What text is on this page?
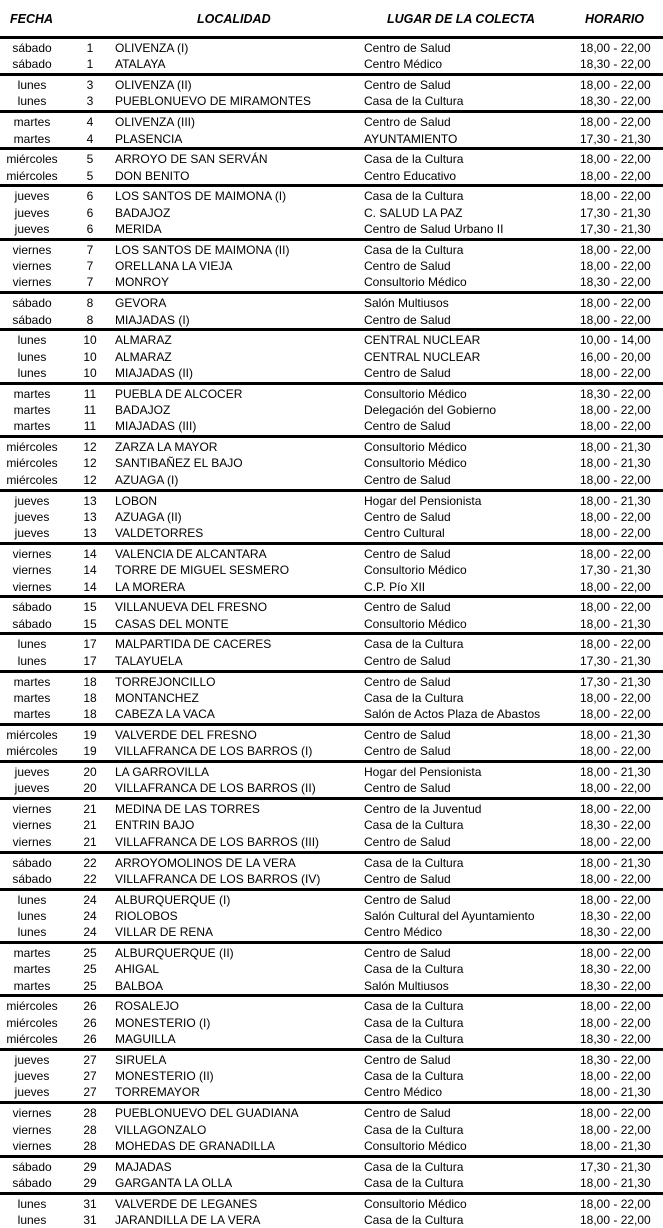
FECHA	LOCALIDAD	LUGAR DE LA COLECTA	HORARIO
sábado	1	OLIVENZA (I)	Centro de Salud	18,00 - 22,00
sábado	1	ATALAYA	Centro Médico	18,30 - 22,00
lunes	3	OLIVENZA (II)	Centro de Salud	18,00 - 22,00
lunes	3	PUEBLONUEVO DE MIRAMONTES	Casa de la Cultura	18,30 - 22,00
martes	4	OLIVENZA (III)	Centro de Salud	18,00 - 22,00
martes	4	PLASENCIA	AYUNTAMIENTO	17,30 - 21,30
miércoles	5	ARROYO DE SAN SERVÁN	Casa de la Cultura	18,00 - 22,00
miércoles	5	DON BENITO	Centro Educativo	18,00 - 22,00
jueves	6	LOS SANTOS DE MAIMONA (I)	Casa de la Cultura	18,00 - 22,00
jueves	6	BADAJOZ	C. SALUD LA PAZ	17,30 - 21,30
jueves	6	MERIDA	Centro de Salud Urbano II	17,30 - 21,30
viernes	7	LOS SANTOS DE MAIMONA (II)	Casa de la Cultura	18,00 - 22,00
viernes	7	ORELLANA LA VIEJA	Centro de Salud	18,00 - 22,00
viernes	7	MONROY	Consultorio Médico	18,30 - 22,00
sábado	8	GEVORA	Salón Multiusos	18,00 - 22,00
sábado	8	MIAJADAS (I)	Centro de Salud	18,00 - 22,00
lunes	10	ALMARAZ	CENTRAL NUCLEAR	10,00 - 14,00
lunes	10	ALMARAZ	CENTRAL NUCLEAR	16,00 - 20,00
lunes	10	MIAJADAS (II)	Centro de Salud	18,00 - 22,00
martes	11	PUEBLA DE ALCOCER	Consultorio Médico	18,30 - 22,00
martes	11	BADAJOZ	Delegación del Gobierno	18,00 - 22,00
martes	11	MIAJADAS (III)	Centro de Salud	18,00 - 22,00
miércoles	12	ZARZA LA MAYOR	Consultorio Médico	18,00 - 21,30
miércoles	12	SANTIBAÑEZ EL BAJO	Consultorio Médico	18,00 - 21,30
miércoles	12	AZUAGA (I)	Centro de Salud	18,00 - 22,00
jueves	13	LOBON	Hogar del Pensionista	18,00 - 21,30
jueves	13	AZUAGA (II)	Centro de Salud	18,00 - 22,00
jueves	13	VALDETORRES	Centro Cultural	18,00 - 22,00
viernes	14	VALENCIA DE ALCANTARA	Centro de Salud	18,00 - 22,00
viernes	14	TORRE DE MIGUEL SESMERO	Consultorio Médico	17,30 - 21,30
viernes	14	LA MORERA	C.P. Pío XII	18,00 - 22,00
sábado	15	VILLANUEVA DEL FRESNO	Centro de Salud	18,00 - 22,00
sábado	15	CASAS DEL MONTE	Consultorio Médico	18,00 - 21,30
lunes	17	MALPARTIDA DE CACERES	Casa de la Cultura	18,00 - 22,00
lunes	17	TALAYUELA	Centro de Salud	17,30 - 21,30
martes	18	TORREJONCILLO	Centro de Salud	17,30 - 21,30
martes	18	MONTANCHEZ	Casa de la Cultura	18,00 - 22,00
martes	18	CABEZA LA VACA	Salón de Actos Plaza de Abastos	18,00 - 22,00
miércoles	19	VALVERDE DEL FRESNO	Centro de Salud	18,00 - 21,30
miércoles	19	VILLAFRANCA DE LOS BARROS (I)	Centro de Salud	18,00 - 22,00
jueves	20	LA GARROVILLA	Hogar del Pensionista	18,00 - 21,30
jueves	20	VILLAFRANCA DE LOS BARROS (II)	Centro de Salud	18,00 - 22,00
viernes	21	MEDINA DE LAS TORRES	Centro de la Juventud	18,00 - 22,00
viernes	21	ENTRIN BAJO	Casa de la Cultura	18,30 - 22,00
viernes	21	VILLAFRANCA DE LOS BARROS (III)	Centro de Salud	18,00 - 22,00
sábado	22	ARROYOMOLINOS DE LA VERA	Casa de la Cultura	18,00 - 21,30
sábado	22	VILLAFRANCA DE LOS BARROS (IV)	Centro de Salud	18,00 - 22,00
lunes	24	ALBURQUERQUE (I)	Centro de Salud	18,00 - 22,00
lunes	24	RIOLOBOS	Salón Cultural del Ayuntamiento	18,30 - 22,00
lunes	24	VILLAR DE RENA	Centro Médico	18,30 - 22,00
martes	25	ALBURQUERQUE (II)	Centro de Salud	18,00 - 22,00
martes	25	AHIGAL	Casa de la Cultura	18,30 - 22,00
martes	25	BALBOA	Salón Multiusos	18,30 - 22,00
miércoles	26	ROSALEJO	Casa de la Cultura	18,00 - 22,00
miércoles	26	MONESTERIO (I)	Casa de la Cultura	18,00 - 22,00
miércoles	26	MAGUILLA	Casa de la Cultura	18,30 - 22,00
jueves	27	SIRUELA	Centro de Salud	18,30 - 22,00
jueves	27	MONESTERIO (II)	Casa de la Cultura	18,00 - 22,00
jueves	27	TORREMAYOR	Centro Médico	18,00 - 21,30
viernes	28	PUEBLONUEVO DEL GUADIANA	Centro de Salud	18,00 - 22,00
viernes	28	VILLAGONZALO	Casa de la Cultura	18,00 - 22,00
viernes	28	MOHEDAS DE GRANADILLA	Consultorio Médico	18,00 - 21,30
sábado	29	MAJADAS	Casa de la Cultura	17,30 - 21,30
sábado	29	GARGANTA LA OLLA	Casa de la Cultura	18,00 - 21,30
lunes	31	VALVERDE DE LEGANES	Consultorio Médico	18,00 - 22,00
lunes	31	JARANDILLA DE LA VERA	Casa de la Cultura	18,00 - 22,00
